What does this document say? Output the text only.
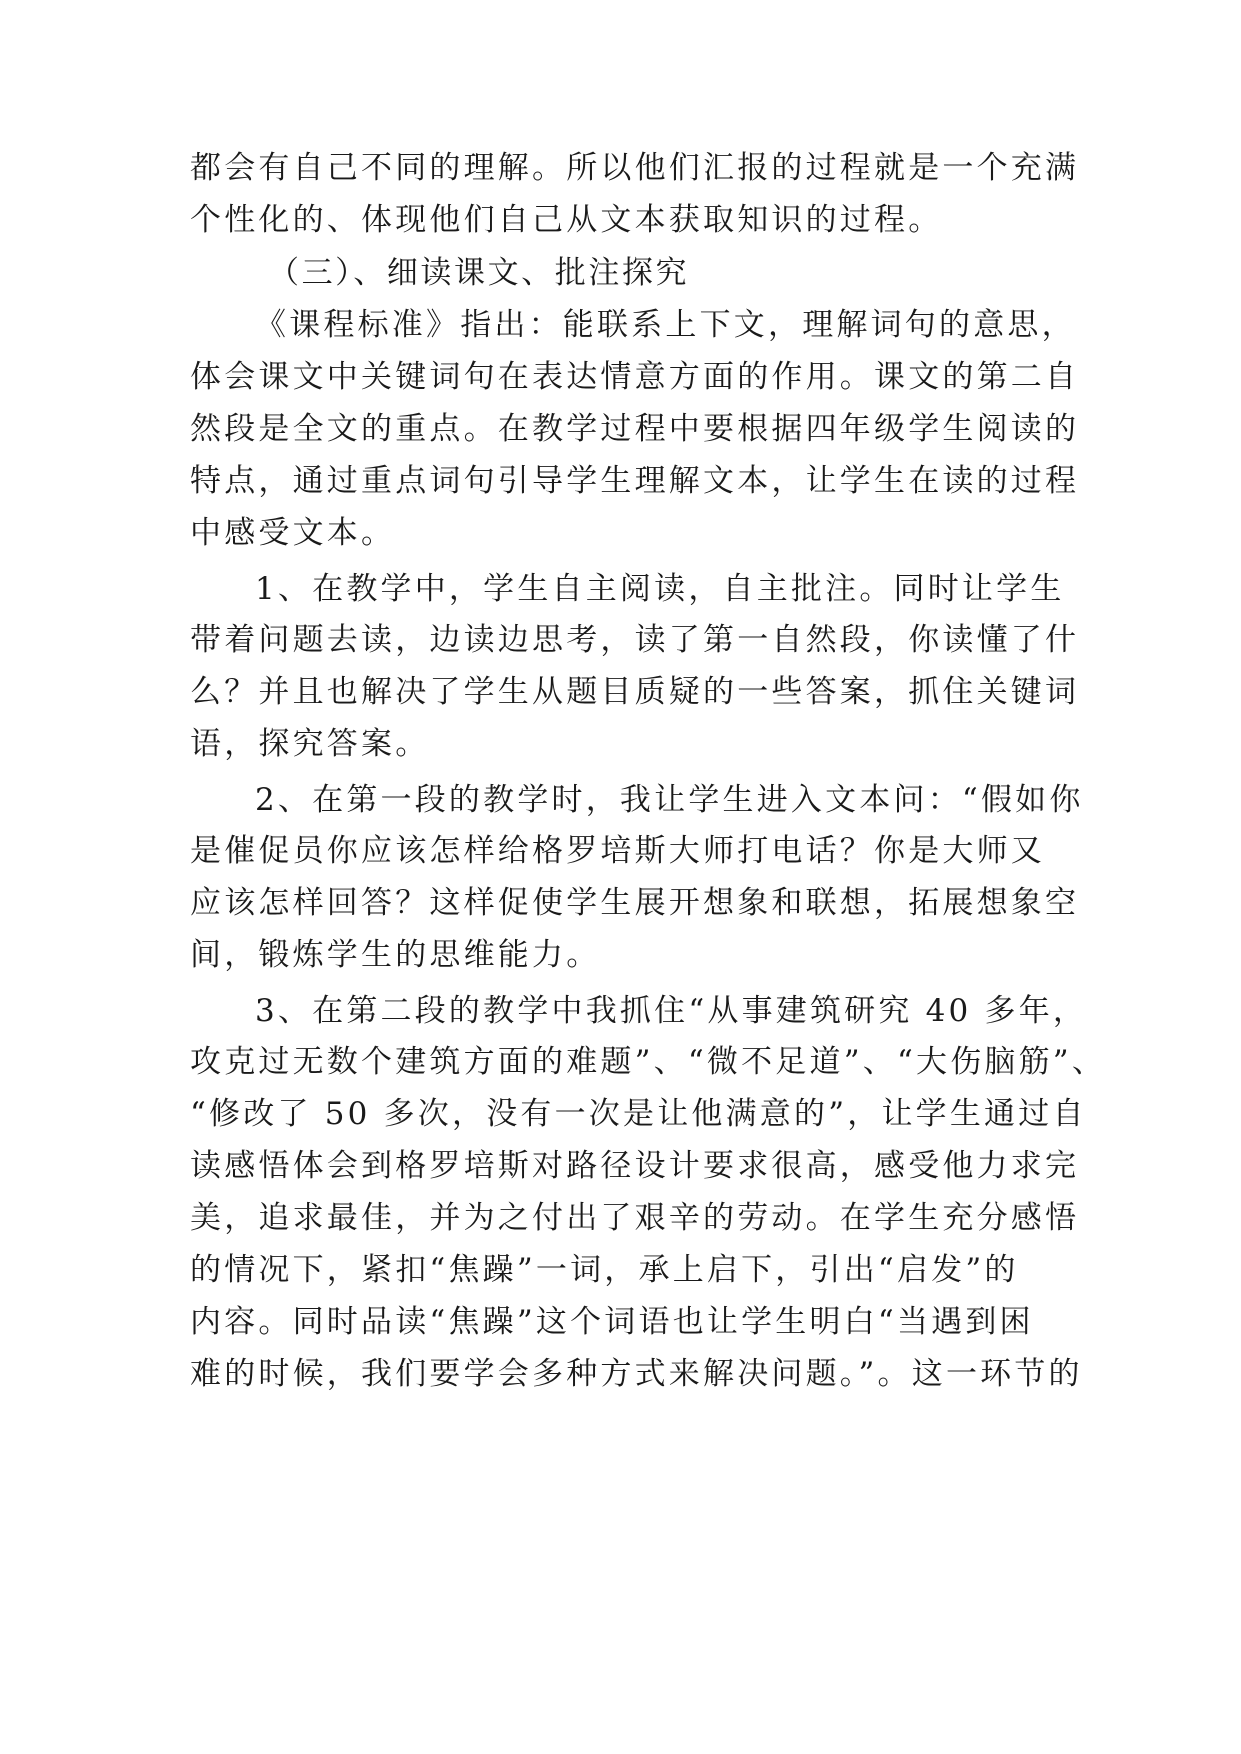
都会有自己不同的理解。所以他们汇报的过程就是一个充满
个性化的、体现他们自己从文本获取知识的过程。
（三）、细读课文、批注探究
《课程标准》指出：能联系上下文，理解词句的意思，
体会课文中关键词句在表达情意方面的作用。课文的第二自
然段是全文的重点。在教学过程中要根据四年级学生阅读的
特点，通过重点词句引导学生理解文本，让学生在读的过程
中感受文本。
1、在教学中，学生自主阅读，自主批注。同时让学生
带着问题去读，边读边思考，读了第一自然段，你读懂了什
么？并且也解决了学生从题目质疑的一些答案，抓住关键词
语，探究答案。
2、在第一段的教学时，我让学生进入文本问：“假如你
是催促员你应该怎样给格罗培斯大师打电话？你是大师又
应该怎样回答？这样促使学生展开想象和联想，拓展想象空
间，锻炼学生的思维能力。
3、在第二段的教学中我抓住“从事建筑研究 40 多年，
攻克过无数个建筑方面的难题”、“微不足道”、“大伤脑筋”、
“修改了 50 多次，没有一次是让他满意的”，让学生通过自
读感悟体会到格罗培斯对路径设计要求很高，感受他力求完
美，追求最佳，并为之付出了艰辛的劳动。在学生充分感悟
的情况下，紧扣“焦躁”一词，承上启下，引出“启发”的
内容。同时品读“焦躁”这个词语也让学生明白“当遇到困
难的时候，我们要学会多种方式来解决问题。”。这一环节的
